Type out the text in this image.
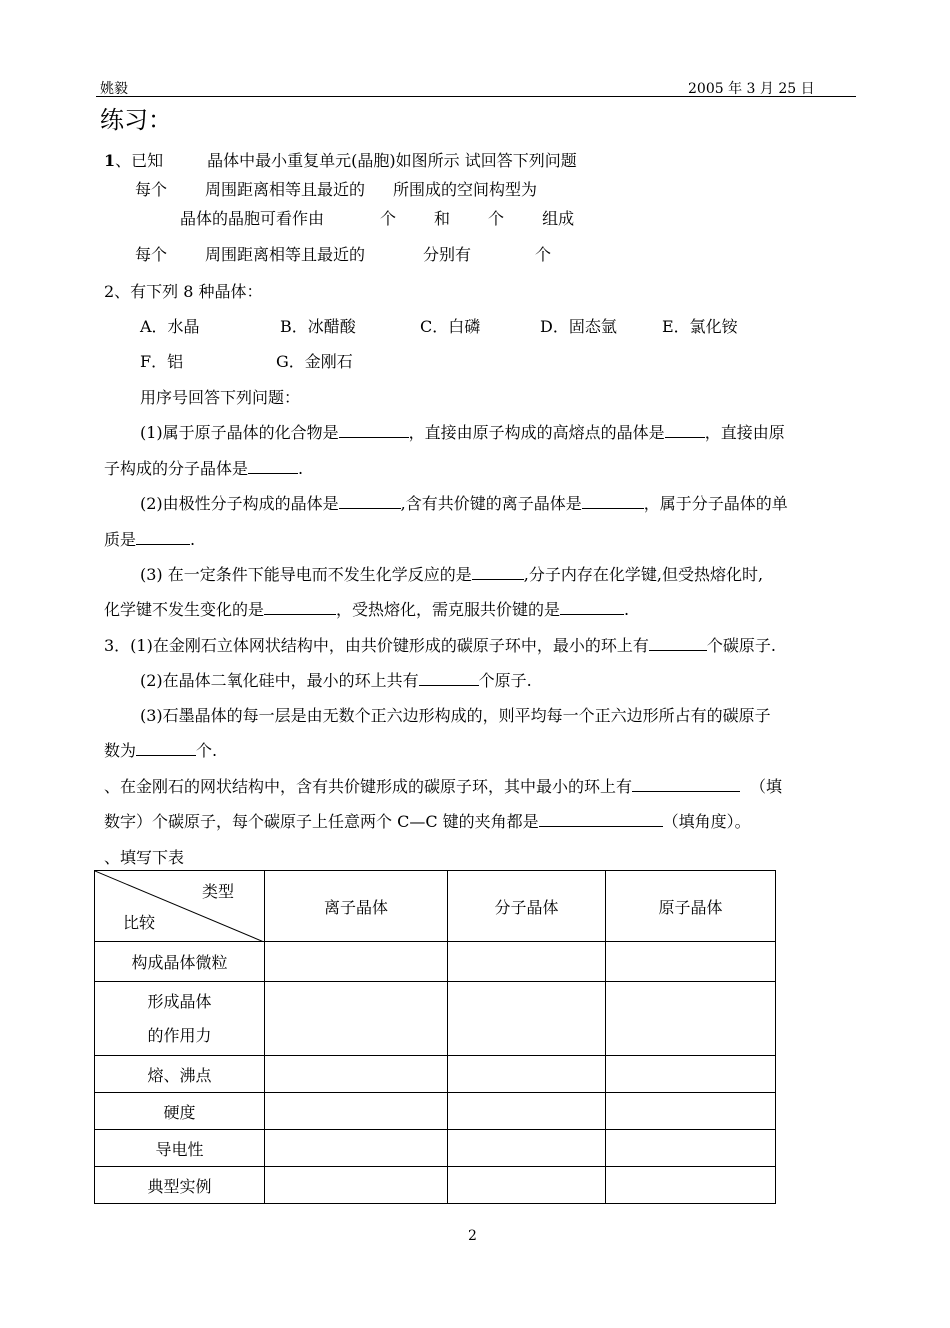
姚毅	2005 年 3 月 25 日
练习：
1、已知	晶体中最小重复单元(晶胞)如图所示 试回答下列问题
每个 周围距离相等且最近的 所围成的空间构型为
晶体的晶胞可看作由	个 和 个 组成
每个 周围距离相等且最近的	分别有	个
2、有下列 8 种晶体：
A．水晶	B．冰醋酸	C．白磷	D．固态氩	E．氯化铵
F．铝	G．金刚石
用序号回答下列问题：
(1)属于原子晶体的化合物是	，直接由原子构成的高熔点的晶体是	，直接由原
子构成的分子晶体是	.
(2)由极性分子构成的晶体是	,含有共价键的离子晶体是	，属于分子晶体的单
质是	.
(3) 在一定条件下能导电而不发生化学反应的是	,分子内存在化学键,但受热熔化时,
化学键不发生变化的是	，受热熔化，需克服共价键的是	.
3．(1)在金刚石立体网状结构中，由共价键形成的碳原子环中，最小的环上有	个碳原子.
(2)在晶体二氧化硅中，最小的环上共有	个原子.
(3)石墨晶体的每一层是由无数个正六边形构成的，则平均每一个正六边形所占有的碳原子
数为	个.
、在金刚石的网状结构中，含有共价键形成的碳原子环，其中最小的环上有	（填
数字）个碳原子，每个碳原子上任意两个 C—C 键的夹角都是	（填角度）。
、填写下表
类型
比较	离子晶体	分子晶体	原子晶体
构成晶体微粒			

形成晶体
的作用力			

熔、沸点			
硬度			
导电性			
典型实例			
2
